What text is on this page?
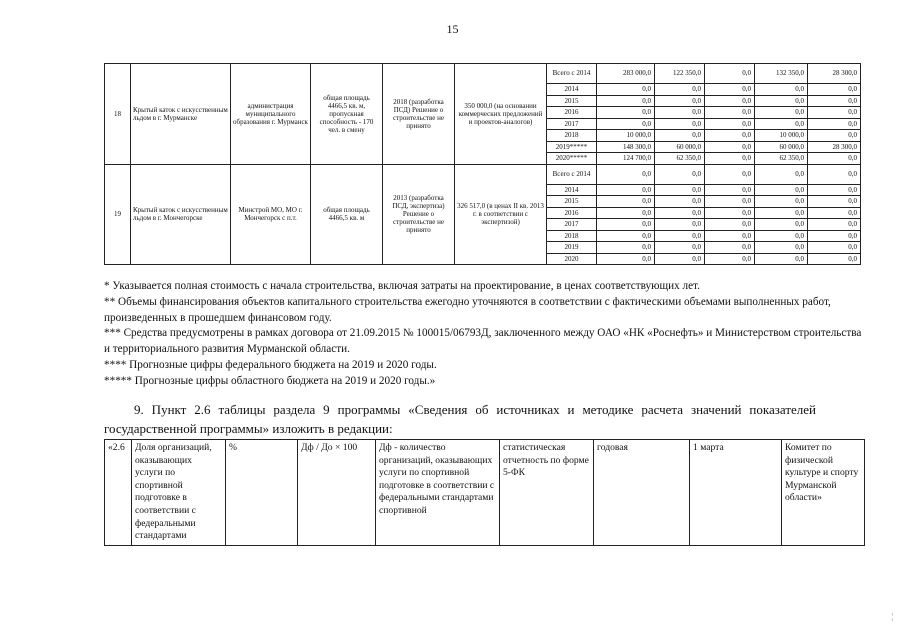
15
18	Крытый каток с искусственным льдом в г. Мурманске	администрация муниципального образования г. Мурманск	общая площадь 4466,5 кв. м, пропускная способность - 170 чел. в смену	2018 (разработка ПСД) Решение о строительстве не принято	350 000,0 (на основании коммерческих предложений и проектов-аналогов)	Всего с 2014	283 000,0	122 350,0	0,0	132 350,0	28 300,0
						2014	0,0	0,0	0,0	0,0	0,0
						2015	0,0	0,0	0,0	0,0	0,0
						2016	0,0	0,0	0,0	0,0	0,0
						2017	0,0	0,0	0,0	0,0	0,0
						2018	10 000,0	0,0	0,0	10 000,0	0,0
						2019*****	148 300,0	60 000,0	0,0	60 000,0	28 300,0
						2020*****	124 700,0	62 350,0	0,0	62 350,0	0,0
19	Крытый каток с искусственным льдом в г. Мончегорске	Минстрой МО, МО г. Мончегорск с п.т.	общая площадь 4466,5 кв. м	2013 (разработка ПСД, экспертиза) Решение о строительстве не принято	326 517,0 (в ценах II кв. 2013 г. в соответствии с экспертизой)	Всего с 2014	0,0	0,0	0,0	0,0	0,0
						2014	0,0	0,0	0,0	0,0	0,0
						2015	0,0	0,0	0,0	0,0	0,0
						2016	0,0	0,0	0,0	0,0	0,0
						2017	0,0	0,0	0,0	0,0	0,0
						2018	0,0	0,0	0,0	0,0	0,0
						2019	0,0	0,0	0,0	0,0	0,0
						2020	0,0	0,0	0,0	0,0	0,0

* Указывается полная стоимость с начала строительства, включая затраты на проектирование, в ценах соответствующих лет.

** Объемы финансирования объектов капитального строительства ежегодно уточняются в соответствии с фактическими объемами выполненных работ, произведенных в прошедшем финансовом году.

*** Средства предусмотрены в рамках договора от 21.09.2015 № 100015/06793Д, заключенного между ОАО «НК «Роснефть» и Министерством строительства и территориального развития Мурманской области.

**** Прогнозные цифры федерального бюджета на 2019 и 2020 годы.

***** Прогнозные цифры областного бюджета на 2019 и 2020 годы.»

9. Пункт 2.6 таблицы раздела 9 программы «Сведения об источниках и методике расчета значений показателей государственной программы» изложить в редакции:
«2.6	Доля организаций, оказывающих услуги по спортивной подготовке в соответствии с федеральными стандартами	%	Дф / До × 100	Дф - количество организаций, оказывающих услуги по спортивной подготовке в соответствии с федеральными стандартами спортивной	статистическая отчетность по форме 5-ФК	годовая	1 марта	Комитет по физической культуре и спорту Мурманской области»
¦
